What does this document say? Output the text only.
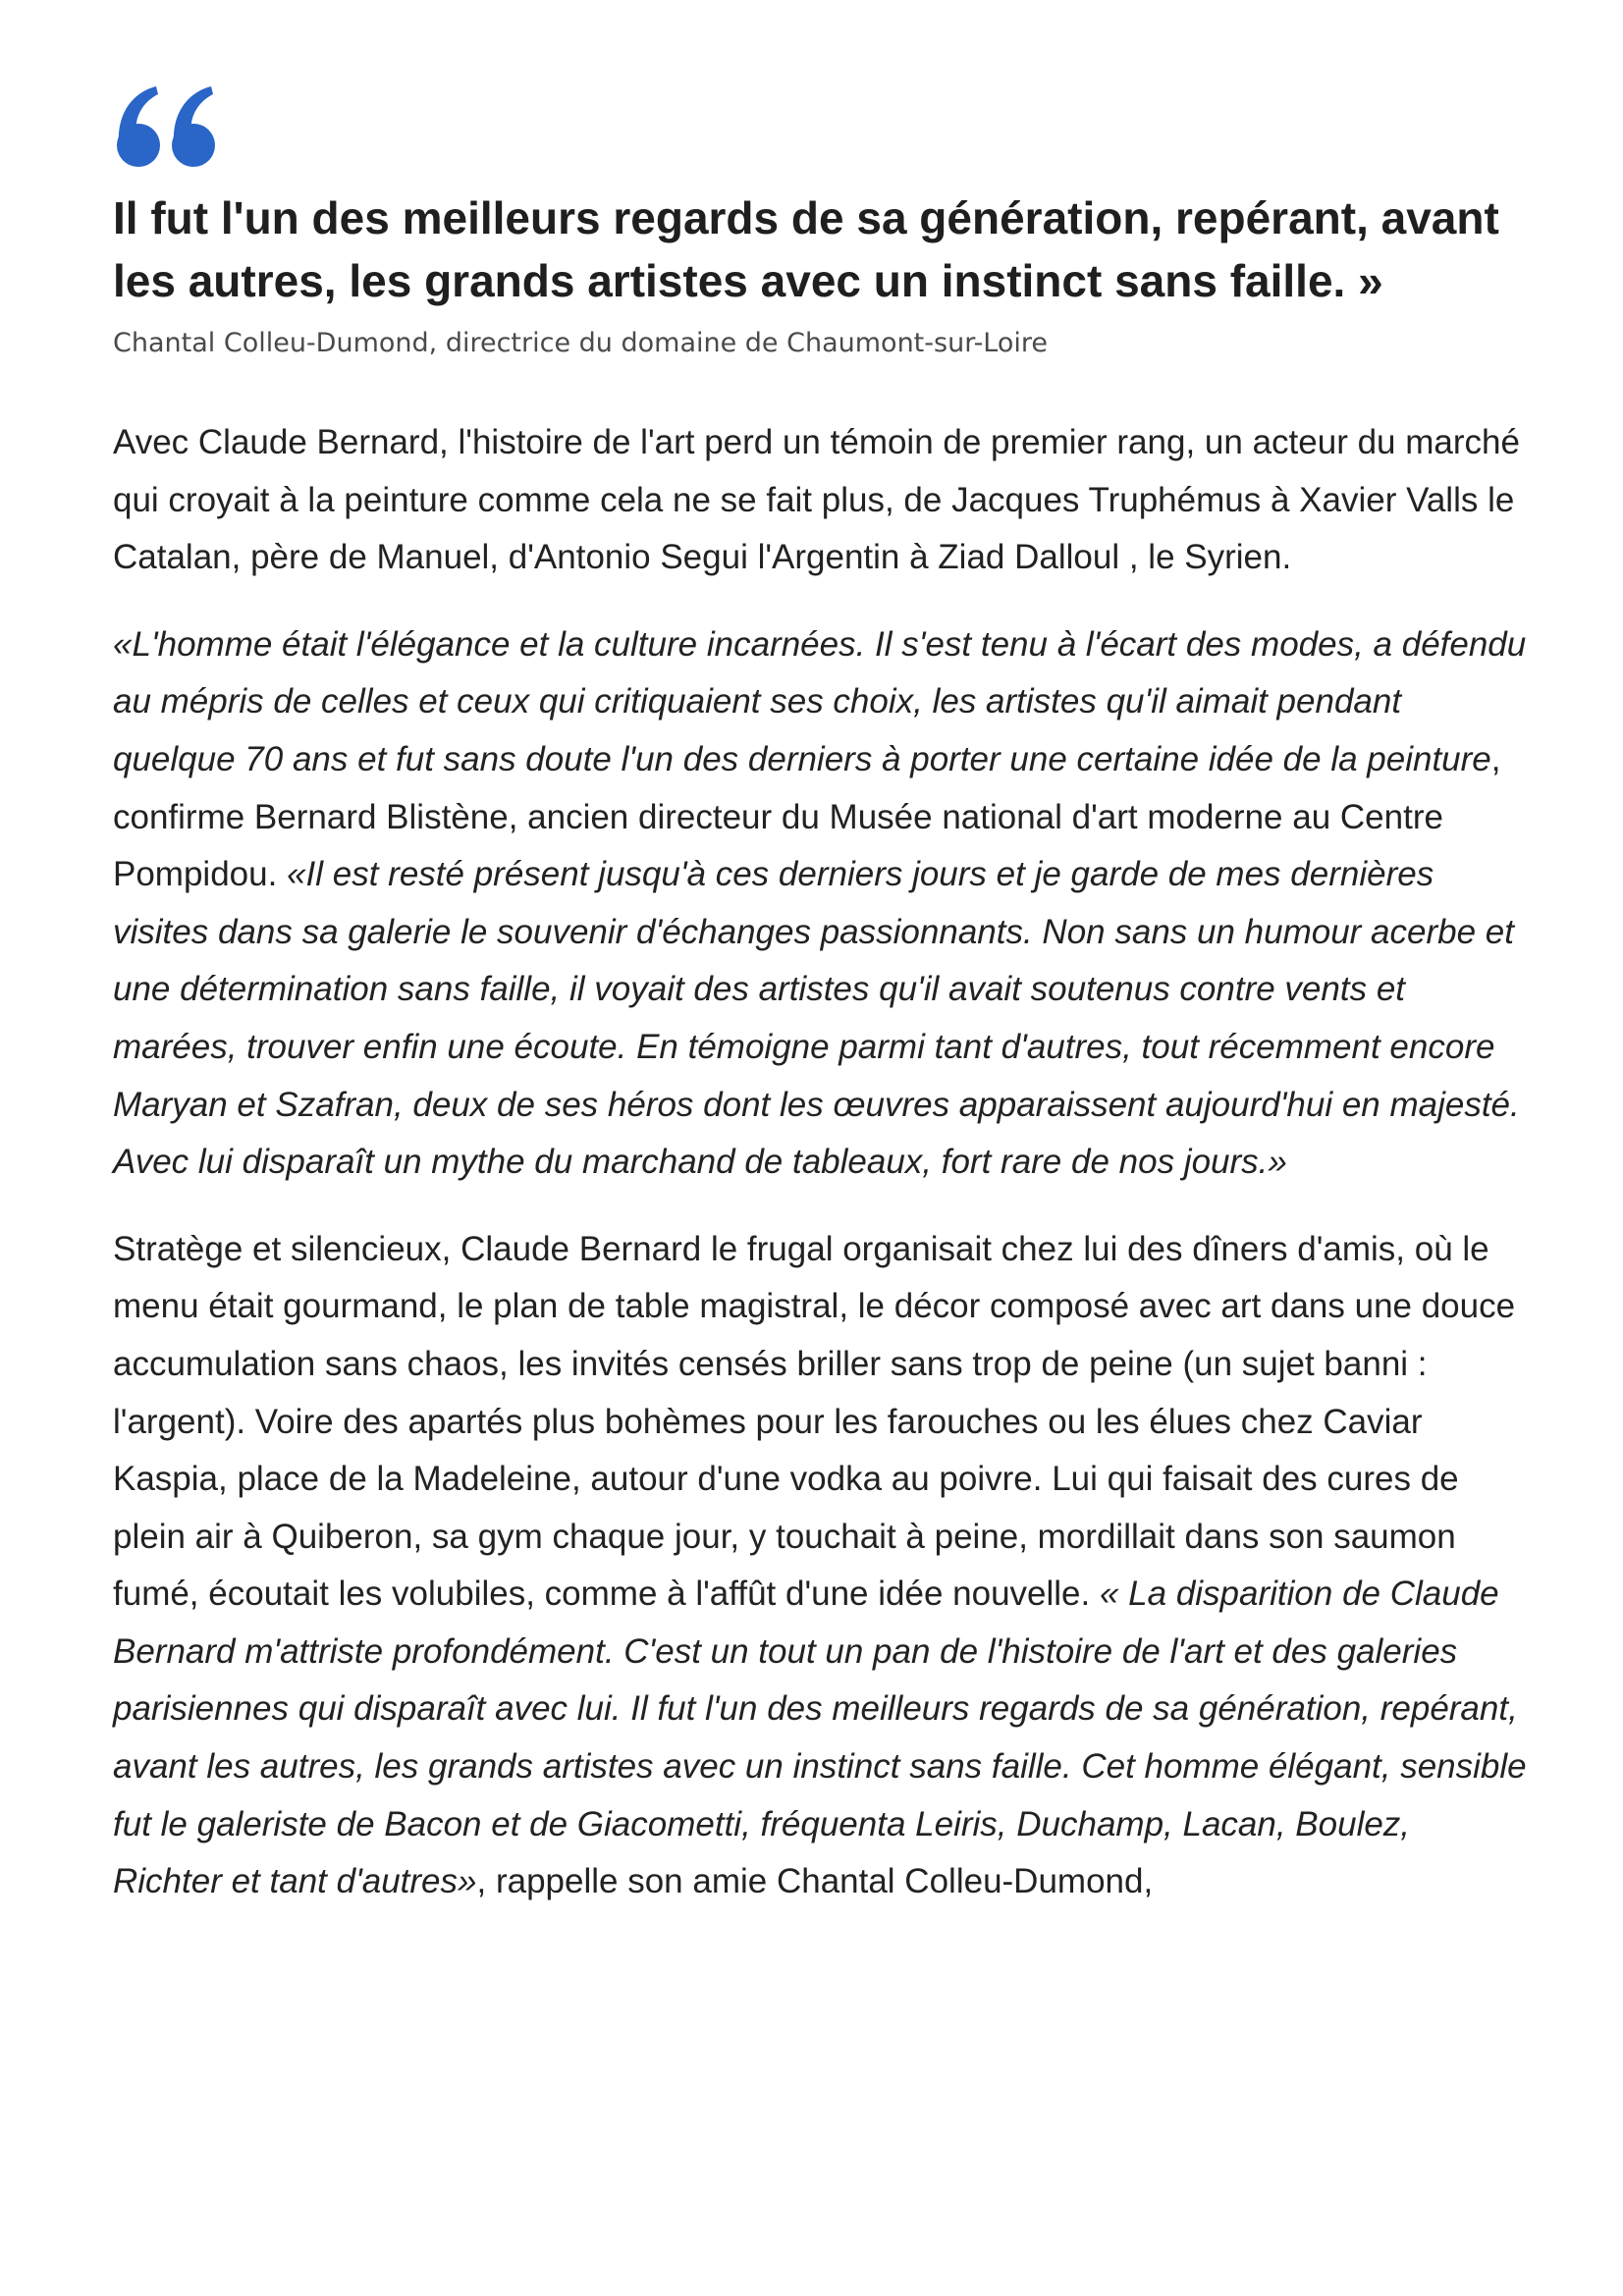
Il fut l'un des meilleurs regards de sa génération, repérant, avant les autres, les grands artistes avec un instinct sans faille. »

Chantal Colleu-Dumond, directrice du domaine de Chaumont-sur-Loire

Avec Claude Bernard, l'histoire de l'art perd un témoin de premier rang, un acteur du marché qui croyait à la peinture comme cela ne se fait plus, de Jacques Truphémus à Xavier Valls le Catalan, père de Manuel, d'Antonio Segui l'Argentin à Ziad Dalloul , le Syrien.

«L'homme était l'élégance et la culture incarnées. Il s'est tenu à l'écart des modes, a défendu au mépris de celles et ceux qui critiquaient ses choix, les artistes qu'il aimait pendant quelque 70 ans et fut sans doute l'un des derniers à porter une certaine idée de la peinture, confirme Bernard Blistène, ancien directeur du Musée national d'art moderne au Centre Pompidou. «Il est resté présent jusqu'à ces derniers jours et je garde de mes dernières visites dans sa galerie le souvenir d'échanges passionnants. Non sans un humour acerbe et une détermination sans faille, il voyait des artistes qu'il avait soutenus contre vents et marées, trouver enfin une écoute. En témoigne parmi tant d'autres, tout récemment encore Maryan et Szafran, deux de ses héros dont les œuvres apparaissent aujourd'hui en majesté. Avec lui disparaît un mythe du marchand de tableaux, fort rare de nos jours.»

Stratège et silencieux, Claude Bernard le frugal organisait chez lui des dîners d'amis, où le menu était gourmand, le plan de table magistral, le décor composé avec art dans une douce accumulation sans chaos, les invités censés briller sans trop de peine (un sujet banni : l'argent). Voire des apartés plus bohèmes pour les farouches ou les élues chez Caviar Kaspia, place de la Madeleine, autour d'une vodka au poivre. Lui qui faisait des cures de plein air à Quiberon, sa gym chaque jour, y touchait à peine, mordillait dans son saumon fumé, écoutait les volubiles, comme à l'affût d'une idée nouvelle. « La disparition de Claude Bernard m'attriste profondément. C'est un tout un pan de l'histoire de l'art et des galeries parisiennes qui disparaît avec lui. Il fut l'un des meilleurs regards de sa génération, repérant, avant les autres, les grands artistes avec un instinct sans faille. Cet homme élégant, sensible fut le galeriste de Bacon et de Giacometti, fréquenta Leiris, Duchamp, Lacan, Boulez, Richter et tant d'autres», rappelle son amie Chantal Colleu-Dumond,
